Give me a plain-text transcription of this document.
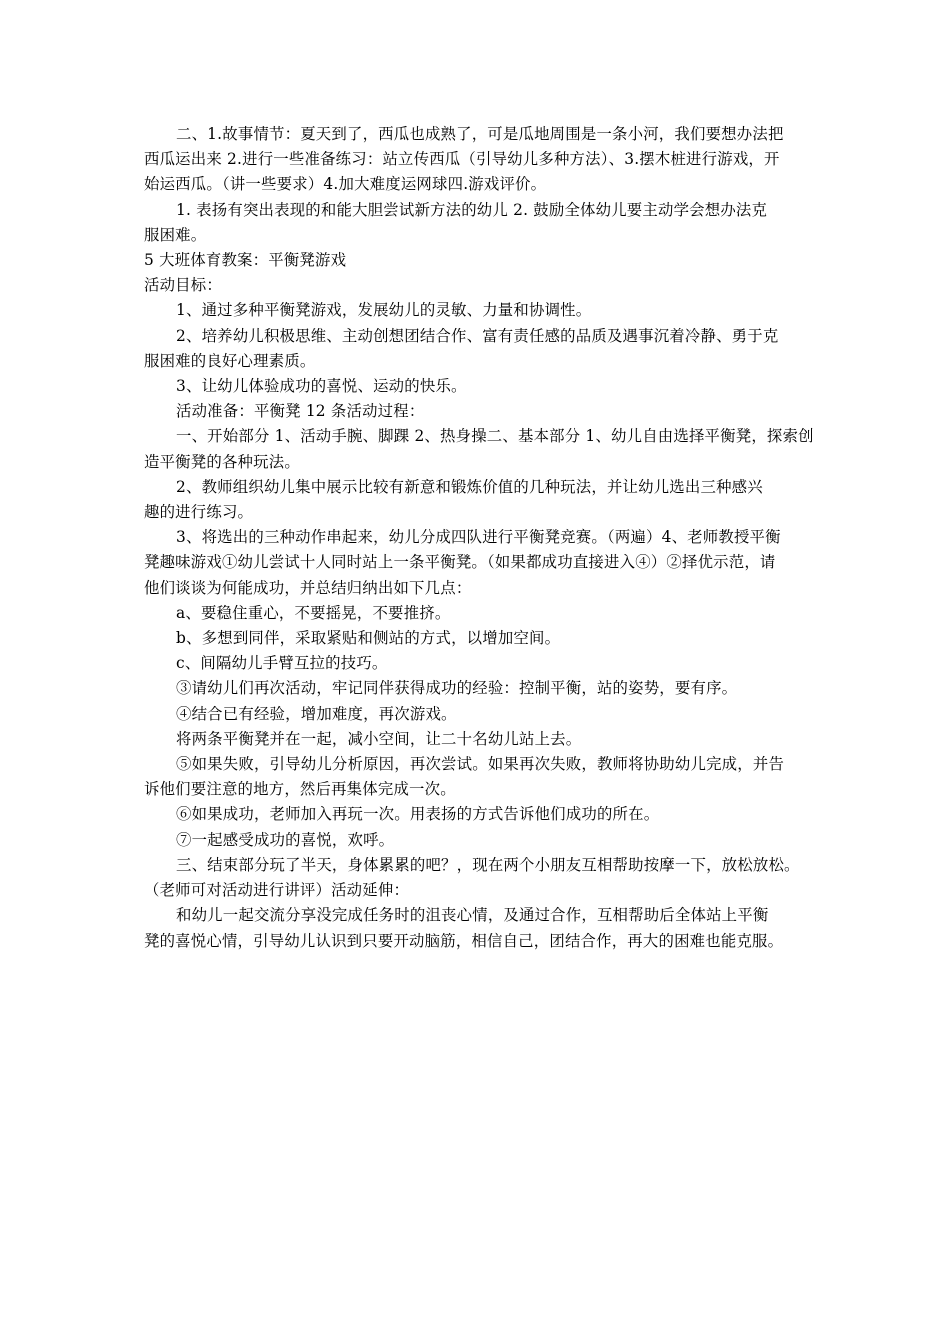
二、1.故事情节：夏天到了，西瓜也成熟了，可是瓜地周围是一条小河，我们要想办法把
西瓜运出来 2.进行一些准备练习：站立传西瓜（引导幼儿多种方法）、3.摆木桩进行游戏，开
始运西瓜。（讲一些要求）4.加大难度运网球四.游戏评价。
1. 表扬有突出表现的和能大胆尝试新方法的幼儿 2. 鼓励全体幼儿要主动学会想办法克
服困难。
5 大班体育教案：平衡凳游戏
活动目标：
1、通过多种平衡凳游戏，发展幼儿的灵敏、力量和协调性。
2、培养幼儿积极思维、主动创想团结合作、富有责任感的品质及遇事沉着冷静、勇于克
服困难的良好心理素质。
3、让幼儿体验成功的喜悦、运动的快乐。
活动准备：平衡凳 12 条活动过程：
一、开始部分 1、活动手腕、脚踝 2、热身操二、基本部分 1、幼儿自由选择平衡凳，探索创
造平衡凳的各种玩法。
2、教师组织幼儿集中展示比较有新意和锻炼价值的几种玩法，并让幼儿选出三种感兴
趣的进行练习。
3、将选出的三种动作串起来，幼儿分成四队进行平衡凳竞赛。（两遍）4、老师教授平衡
凳趣味游戏①幼儿尝试十人同时站上一条平衡凳。（如果都成功直接进入④）②择优示范，请
他们谈谈为何能成功，并总结归纳出如下几点：
a、要稳住重心，不要摇晃，不要推挤。
b、多想到同伴，采取紧贴和侧站的方式，以增加空间。
c、间隔幼儿手臂互拉的技巧。
③请幼儿们再次活动，牢记同伴获得成功的经验：控制平衡，站的姿势，要有序。
④结合已有经验，增加难度，再次游戏。
将两条平衡凳并在一起，减小空间，让二十名幼儿站上去。
⑤如果失败，引导幼儿分析原因，再次尝试。如果再次失败，教师将协助幼儿完成，并告
诉他们要注意的地方，然后再集体完成一次。
⑥如果成功，老师加入再玩一次。用表扬的方式告诉他们成功的所在。
⑦一起感受成功的喜悦，欢呼。
三、结束部分玩了半天，身体累累的吧？，现在两个小朋友互相帮助按摩一下，放松放松。
（老师可对活动进行讲评）活动延伸：
和幼儿一起交流分享没完成任务时的沮丧心情，及通过合作，互相帮助后全体站上平衡
凳的喜悦心情，引导幼儿认识到只要开动脑筋，相信自己，团结合作，再大的困难也能克服。
